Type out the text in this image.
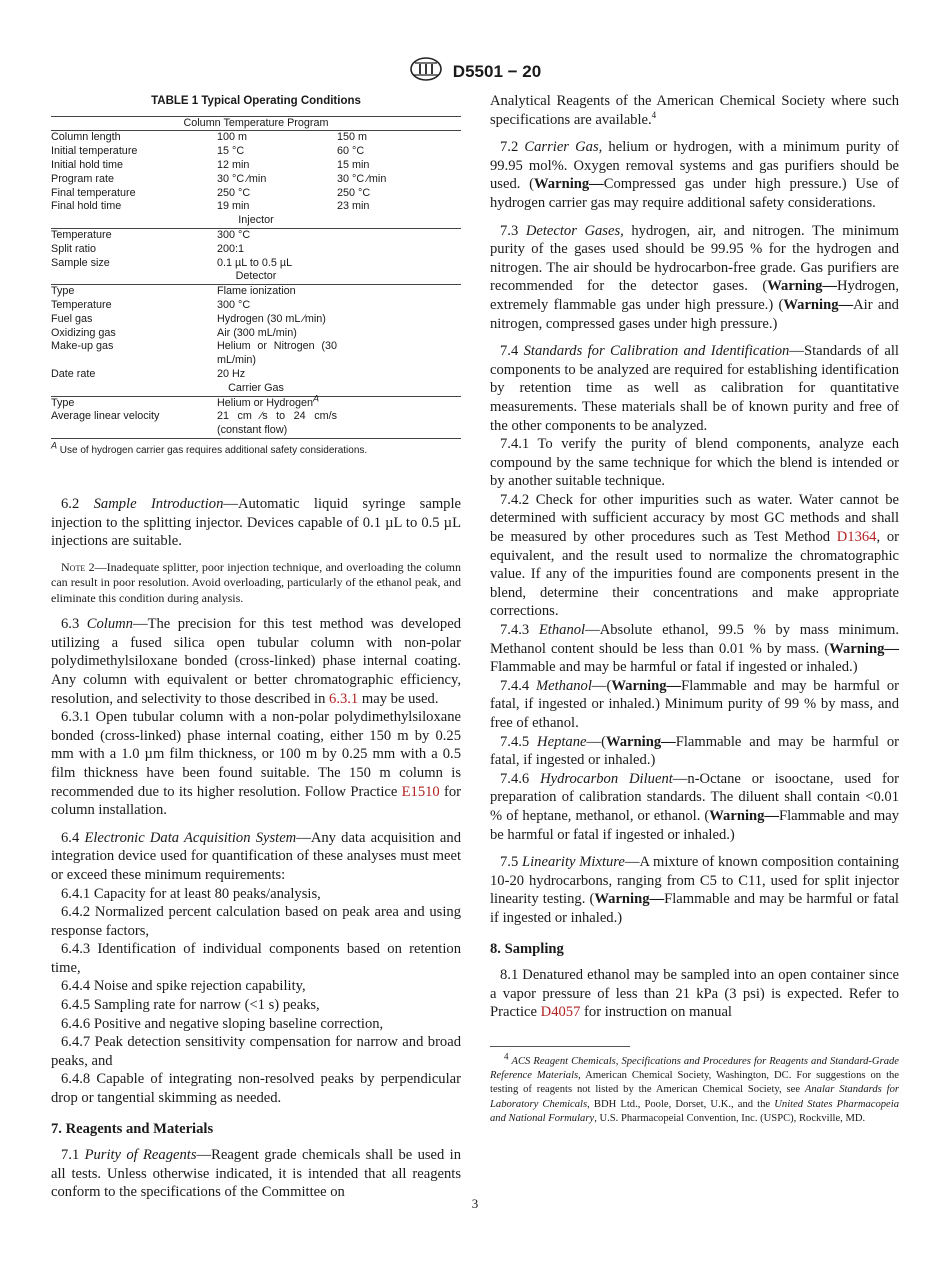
D5501 − 20
TABLE 1 Typical Operating Conditions
Column Temperature Program		
Column length	100 m	150 m
Initial temperature	15 °C	60 °C
Initial hold time	12 min	15 min
Program rate	30 °C ⁄min	30 °C ⁄min
Final temperature	250 °C	250 °C
Final hold time	19 min	23 min
Injector		
Temperature	300 °C	
Split ratio	200:1	
Sample size	0.1 µL to 0.5 µL	
Detector		
Type	Flame ionization	
Temperature	300 °C	
Fuel gas	Hydrogen (30 mL ⁄min)	
Oxidizing gas	Air (300 mL/min)	
Make-up gas	Helium or Nitrogen (30 mL/min)	
Date rate	20 Hz	
Carrier Gas		
Type	Helium or Hydrogen$^A$	
Average linear velocity	21 cm ⁄s to 24 cm/s (constant flow)	
$^A$ Use of hydrogen carrier gas requires additional safety considerations.

6.2 Sample Introduction—Automatic liquid syringe sample injection to the splitting injector. Devices capable of 0.1 µL to 0.5 µL injections are suitable.

Note 2—Inadequate splitter, poor injection technique, and overloading the column can result in poor resolution. Avoid overloading, particularly of the ethanol peak, and eliminate this condition during analysis.

6.3 Column—The precision for this test method was developed utilizing a fused silica open tubular column with non-polar polydimethylsiloxane bonded (cross-linked) phase internal coating. Any column with equivalent or better chromatographic efficiency, resolution, and selectivity to those described in 6.3.1 may be used.

6.3.1 Open tubular column with a non-polar polydimethylsiloxane bonded (cross-linked) phase internal coating, either 150 m by 0.25 mm with a 1.0 µm film thickness, or 100 m by 0.25 mm with a 0.5 film thickness have been found suitable. The 150 m column is recommended due to its higher resolution. Follow Practice E1510 for column installation.

6.4 Electronic Data Acquisition System—Any data acquisition and integration device used for quantification of these analyses must meet or exceed these minimum requirements:

6.4.1 Capacity for at least 80 peaks/analysis,

6.4.2 Normalized percent calculation based on peak area and using response factors,

6.4.3 Identification of individual components based on retention time,

6.4.4 Noise and spike rejection capability,

6.4.5 Sampling rate for narrow (<1 s) peaks,

6.4.6 Positive and negative sloping baseline correction,

6.4.7 Peak detection sensitivity compensation for narrow and broad peaks, and

6.4.8 Capable of integrating non-resolved peaks by perpendicular drop or tangential skimming as needed.

7. Reagents and Materials

7.1 Purity of Reagents—Reagent grade chemicals shall be used in all tests. Unless otherwise indicated, it is intended that all reagents conform to the specifications of the Committee on

Analytical Reagents of the American Chemical Society where such specifications are available.$^4$

7.2 Carrier Gas, helium or hydrogen, with a minimum purity of 99.95 mol%. Oxygen removal systems and gas purifiers should be used. (Warning—Compressed gas under high pressure.) Use of hydrogen carrier gas may require additional safety considerations.

7.3 Detector Gases, hydrogen, air, and nitrogen. The minimum purity of the gases used should be 99.95 % for the hydrogen and nitrogen. The air should be hydrocarbon-free grade. Gas purifiers are recommended for the detector gases. (Warning—Hydrogen, extremely flammable gas under high pressure.) (Warning—Air and nitrogen, compressed gases under high pressure.)

7.4 Standards for Calibration and Identification—Standards of all components to be analyzed are required for establishing identification by retention time as well as calibration for quantitative measurements. These materials shall be of known purity and free of the other components to be analyzed.

7.4.1 To verify the purity of blend components, analyze each compound by the same technique for which the blend is intended or by another suitable technique.

7.4.2 Check for other impurities such as water. Water cannot be determined with sufficient accuracy by most GC methods and shall be measured by other procedures such as Test Method D1364, or equivalent, and the result used to normalize the chromatographic value. If any of the impurities found are components present in the blend, determine their concentrations and make appropriate corrections.

7.4.3 Ethanol—Absolute ethanol, 99.5 % by mass minimum. Methanol content should be less than 0.01 % by mass. (Warning—Flammable and may be harmful or fatal if ingested or inhaled.)

7.4.4 Methanol—(Warning—Flammable and may be harmful or fatal, if ingested or inhaled.) Minimum purity of 99 % by mass, and free of ethanol.

7.4.5 Heptane—(Warning—Flammable and may be harmful or fatal, if ingested or inhaled.)

7.4.6 Hydrocarbon Diluent—n-Octane or isooctane, used for preparation of calibration standards. The diluent shall contain <0.01 % of heptane, methanol, or ethanol. (Warning—Flammable and may be harmful or fatal if ingested or inhaled.)

7.5 Linearity Mixture—A mixture of known composition containing 10-20 hydrocarbons, ranging from C5 to C11, used for split injector linearity testing. (Warning—Flammable and may be harmful or fatal if ingested or inhaled.)

8. Sampling

8.1 Denatured ethanol may be sampled into an open container since a vapor pressure of less than 21 kPa (3 psi) is expected. Refer to Practice D4057 for instruction on manual

$^4$ ACS Reagent Chemicals, Specifications and Procedures for Reagents and Standard-Grade Reference Materials, American Chemical Society, Washington, DC. For suggestions on the testing of reagents not listed by the American Chemical Society, see Analar Standards for Laboratory Chemicals, BDH Ltd., Poole, Dorset, U.K., and the United States Pharmacopeia and National Formulary, U.S. Pharmacopeial Convention, Inc. (USPC), Rockville, MD.
3
